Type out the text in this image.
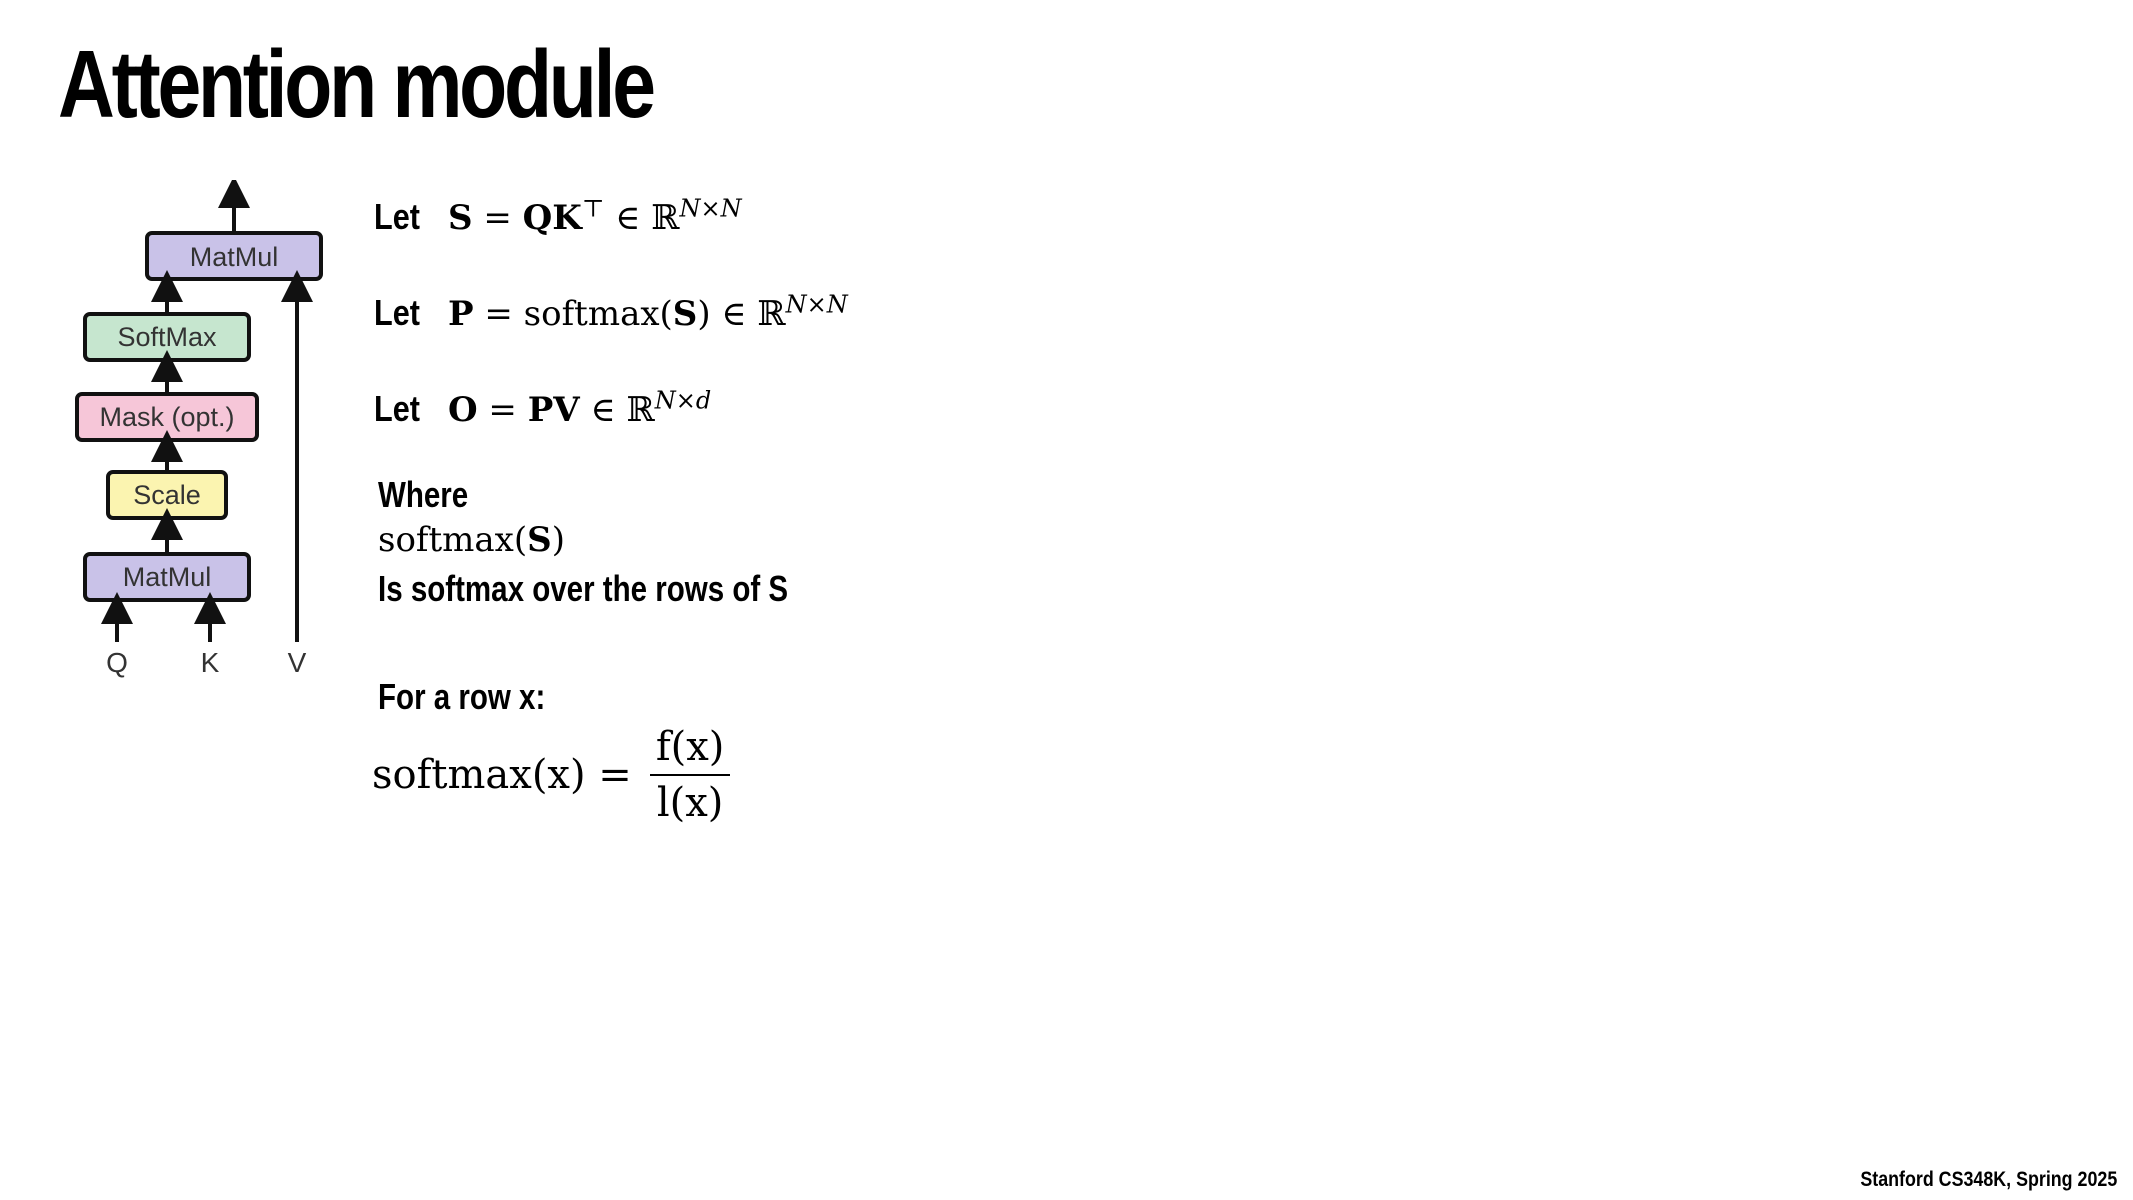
Attention module
MatMul
SoftMax
Mask (opt.)
Scale
MatMul
Q	K V
Let S = QK⊤ ∈ ℝ$^{N\times N}$
Let P = softmax(S) ∈ ℝ$^{N\times N}$
Let O = PV ∈ ℝ$^{N\times d}$
Where
softmax(S)
Is softmax over the rows of S
For a row x:
softmax(x) = $\frac{f(x)}{l(x)}$
Stanford CS348K, Spring 2025
